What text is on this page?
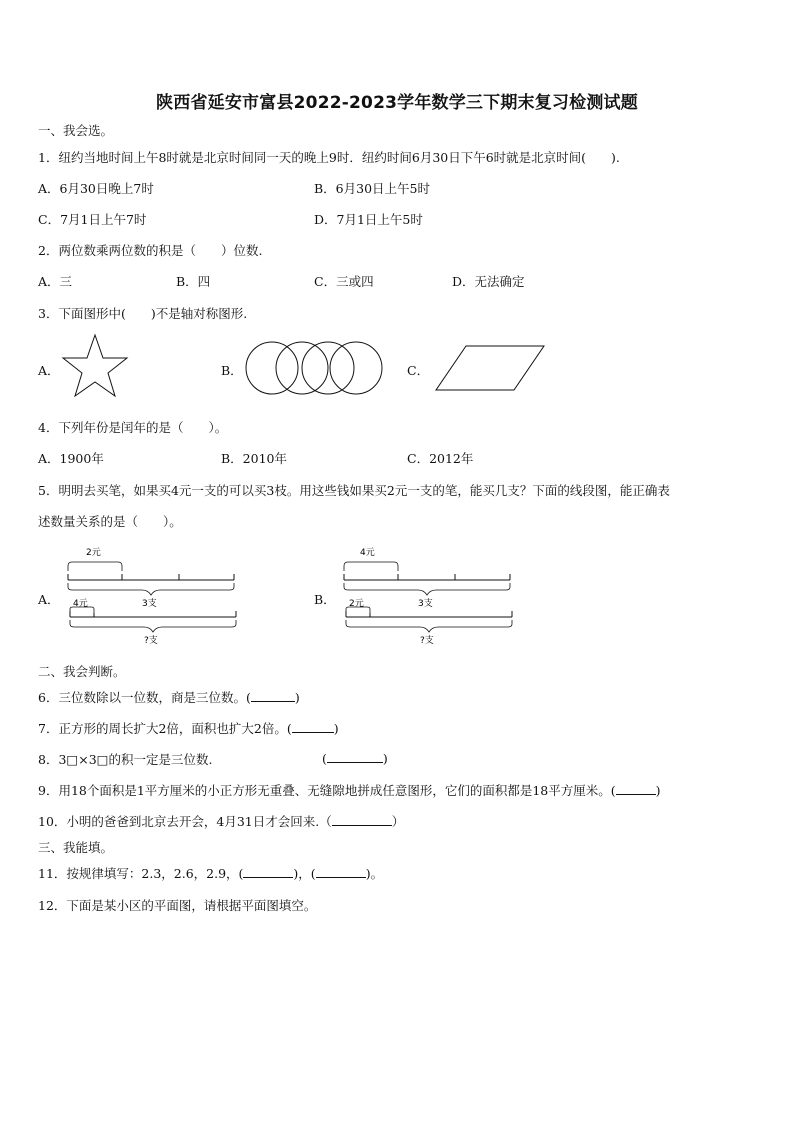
陕西省延安市富县2022-2023学年数学三下期末复习检测试题
一、我会选。
1．纽约当地时间上午8时就是北京时间同一天的晚上9时．纽约时间6月30日下午6时就是北京时间(　　).
A．6月30日晚上7时	B．6月30日上午5时
C．7月1日上午7时	D．7月1日上午5时
2．两位数乘两位数的积是（　　）位数.
A．三	B．四	C．三或四	D．无法确定
3．下面图形中(　　)不是轴对称图形.
A．	B．	C．
4．下列年份是闰年的是（　　）。
A．1900年	B．2010年	C．2012年
5．明明去买笔，如果买4元一支的可以买3枝。用这些钱如果买2元一支的笔，能买几支？下面的线段图，能正确表
述数量关系的是（　　）。
A．
2元
3支
4元
?支
B．
4元
3支
2元
?支
二、我会判断。
6．三位数除以一位数，商是三位数。(	)
7．正方形的周长扩大2倍，面积也扩大2倍。(	)
8．3□×3□的积一定是三位数.	(	)
9．用18个面积是1平方厘米的小正方形无重叠、无缝隙地拼成任意图形，它们的面积都是18平方厘米。(	)
10．小明的爸爸到北京去开会，4月31日才会回来.（	）
三、我能填。
11．按规律填写：2.3，2.6，2.9，(	)，(	)。
12．下面是某小区的平面图，请根据平面图填空。
